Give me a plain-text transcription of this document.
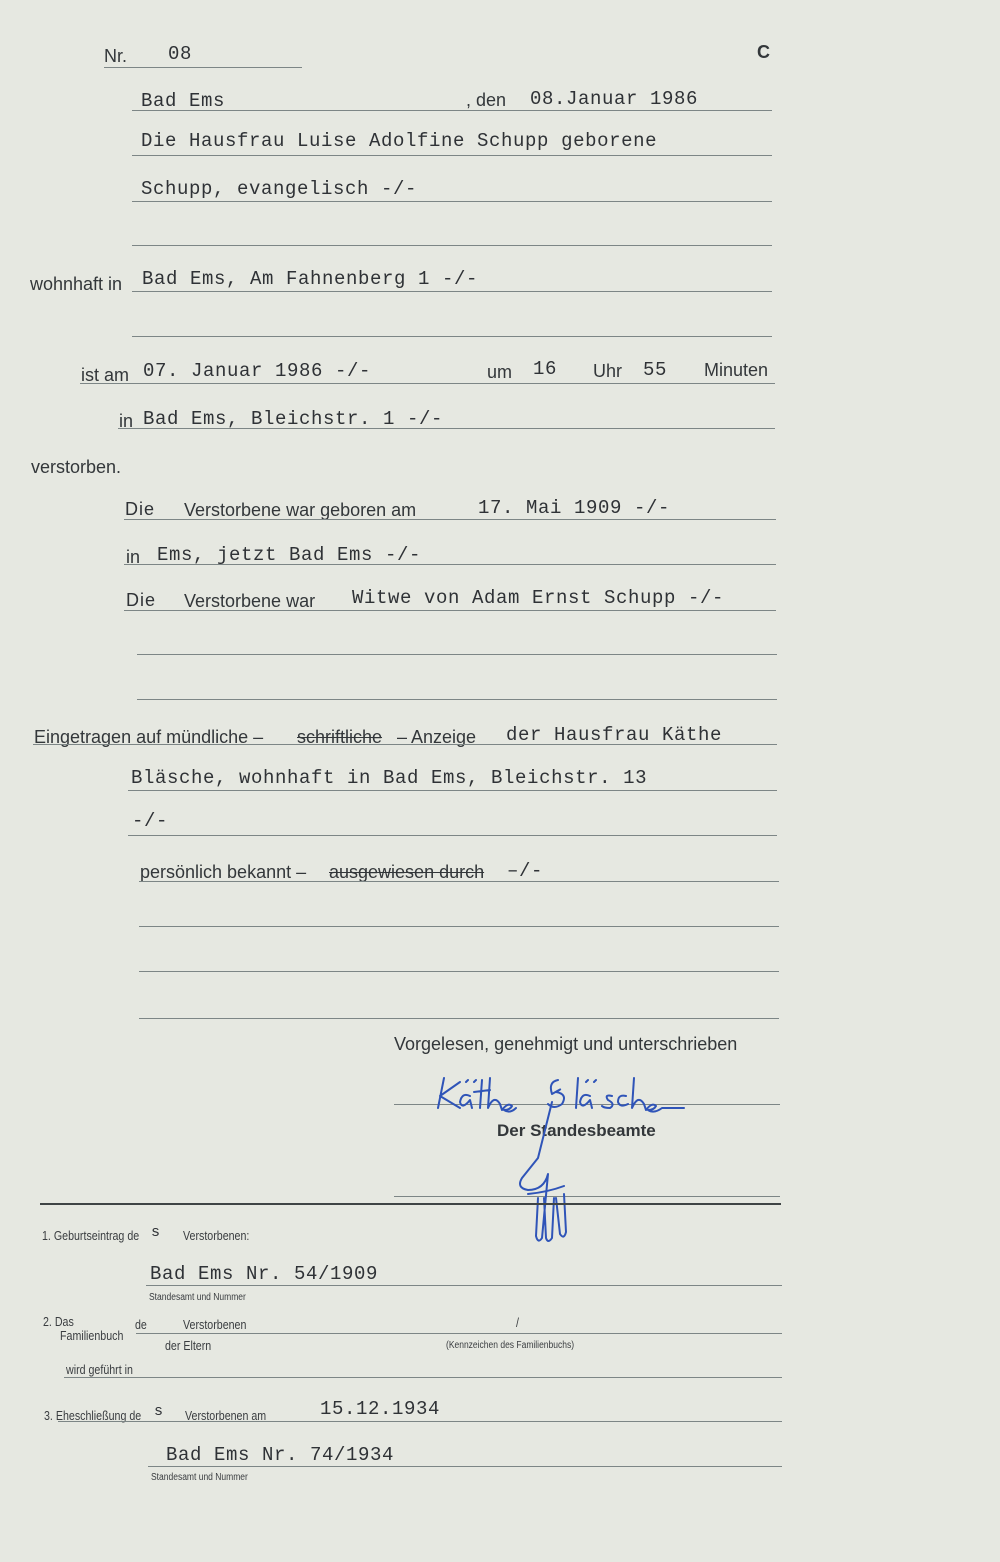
Nr. 08	C
Bad Ems	, den 08.Januar 1986
Die Hausfrau Luise Adolfine Schupp geborene
Schupp, evangelisch -/-
wohnhaft in Bad Ems, Am Fahnenberg 1 -/-
ist am 07. Januar 1986 -/-	um 16 Uhr 55 Minuten
in Bad Ems, Bleichstr. 1 -/-
verstorben.
Die Verstorbene war geboren am	17. Mai 1909 -/-
in Ems, jetzt Bad Ems -/-
Die Verstorbene war Witwe von Adam Ernst Schupp -/-
Eingetragen auf mündliche – schriftliche – Anzeige der Hausfrau Käthe
Bläsche, wohnhaft in Bad Ems, Bleichstr. 13
-/-
persönlich bekannt – ausgewiesen durch –/-
Vorgelesen, genehmigt und unterschrieben
Der Standesbeamte
1. Geburtseintrag de s Verstorbenen:
Bad Ems Nr. 54/1909
Standesamt und Nummer
2. Das
Familienbuch
de	Verstorbenen
der Eltern
/
(Kennzeichen des Familienbuchs)
wird geführt in
3. Eheschließung de s Verstorbenen am	15.12.1934
Bad Ems Nr. 74/1934
Standesamt und Nummer
